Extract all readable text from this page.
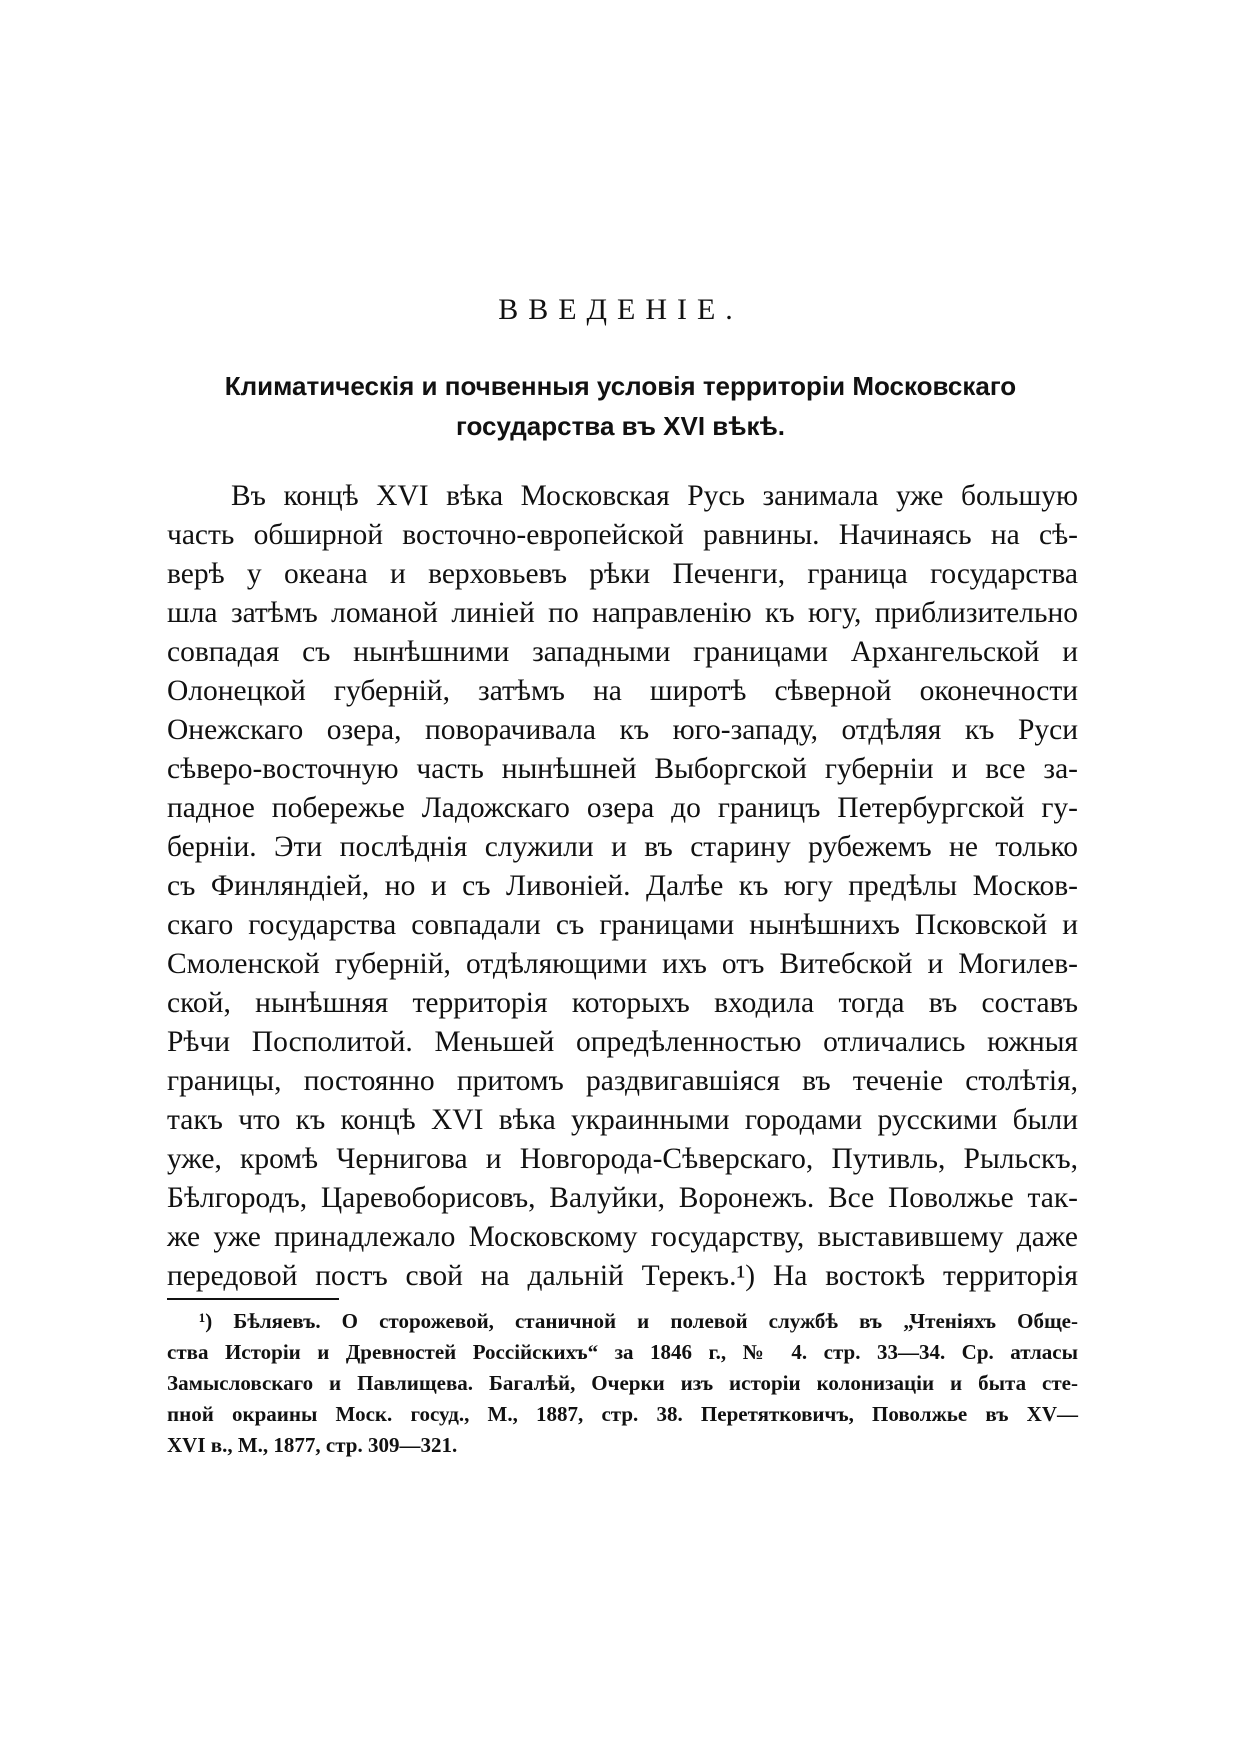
ВВЕДЕНІЕ.
Климатическія и почвенныя условія территоріи Московскаго
государства въ XVI вѣкѣ.
Въ концѣ XVI вѣка Московская Русь занимала уже большую
часть обширной восточно-европейской равнины. Начинаясь на сѣ-
верѣ у океана и верховьевъ рѣки Печенги, граница государства
шла затѣмъ ломаной линіей по направленію къ югу, приблизительно
совпадая съ нынѣшними западными границами Архангельской и
Олонецкой губерній, затѣмъ на широтѣ сѣверной оконечности
Онежскаго озера, поворачивала къ юго-западу, отдѣляя къ Руси
сѣверо-восточную часть нынѣшней Выборгской губерніи и все за-
падное побережье Ладожскаго озера до границъ Петербургской гу-
берніи. Эти послѣднія служили и въ старину рубежемъ не только
съ Финляндіей, но и съ Ливоніей. Далѣе къ югу предѣлы Москов-
скаго государства совпадали съ границами нынѣшнихъ Псковской и
Смоленской губерній, отдѣляющими ихъ отъ Витебской и Могилев-
ской, нынѣшняя территорія которыхъ входила тогда въ составъ
Рѣчи Посполитой. Меньшей опредѣленностью отличались южныя
границы, постоянно притомъ раздвигавшіяся въ теченіе столѣтія,
такъ что къ концѣ XVI вѣка украинными городами русскими были
уже, кромѣ Чернигова и Новгорода-Сѣверскаго, Путивль, Рыльскъ,
Бѣлгородъ, Царевоборисовъ, Валуйки, Воронежъ. Все Поволжье так-
же уже принадлежало Московскому государству, выставившему даже
передовой постъ свой на дальній Терекъ.¹) На востокѣ территорія
¹) Бѣляевъ. О сторожевой, станичной и полевой службѣ въ „Чтеніяхъ Обще-
ства Исторіи и Древностей Россійскихъ“ за 1846 г., № 4. стр. 33—34. Ср. атласы
Замысловскаго и Павлищева. Багалѣй, Очерки изъ исторіи колонизаціи и быта сте-
пной окраины Моск. госуд., М., 1887, стр. 38. Перетятковичъ, Поволжье въ XV—
XVI в., М., 1877, стр. 309—321.
